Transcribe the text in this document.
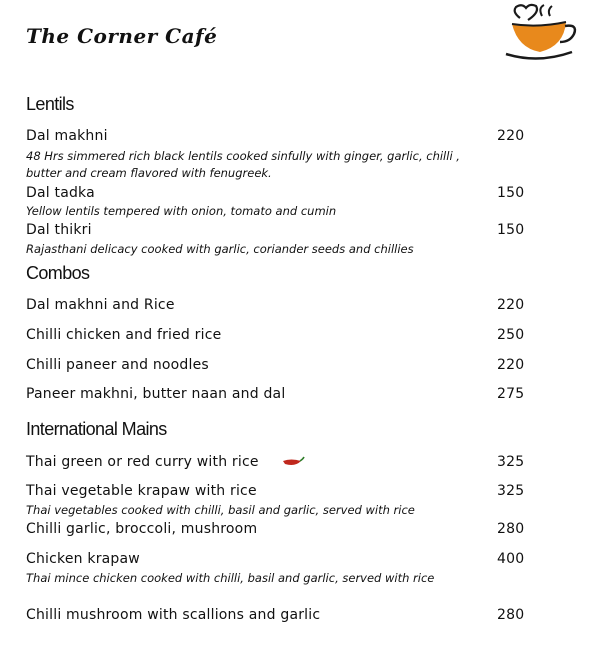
The Corner Café
Lentils
Dal makhni	220
48 Hrs simmered rich black lentils cooked sinfully with ginger, garlic, chilli , butter and cream flavored with fenugreek.
Dal tadka	150
Yellow lentils tempered with onion, tomato and cumin
Dal thikri	150
Rajasthani delicacy cooked with garlic, coriander seeds and chillies
Combos
Dal makhni and Rice	220
Chilli chicken and fried rice	250
Chilli paneer and noodles	220
Paneer makhni, butter naan and dal	275
International Mains
Thai green or red curry with rice	325
Thai vegetable krapaw with rice	325
Thai vegetables cooked with chilli, basil and garlic, served with rice
Chilli garlic, broccoli, mushroom	280
Chicken krapaw	400
Thai mince chicken cooked with chilli, basil and garlic, served with rice
Chilli mushroom with scallions and garlic	280
